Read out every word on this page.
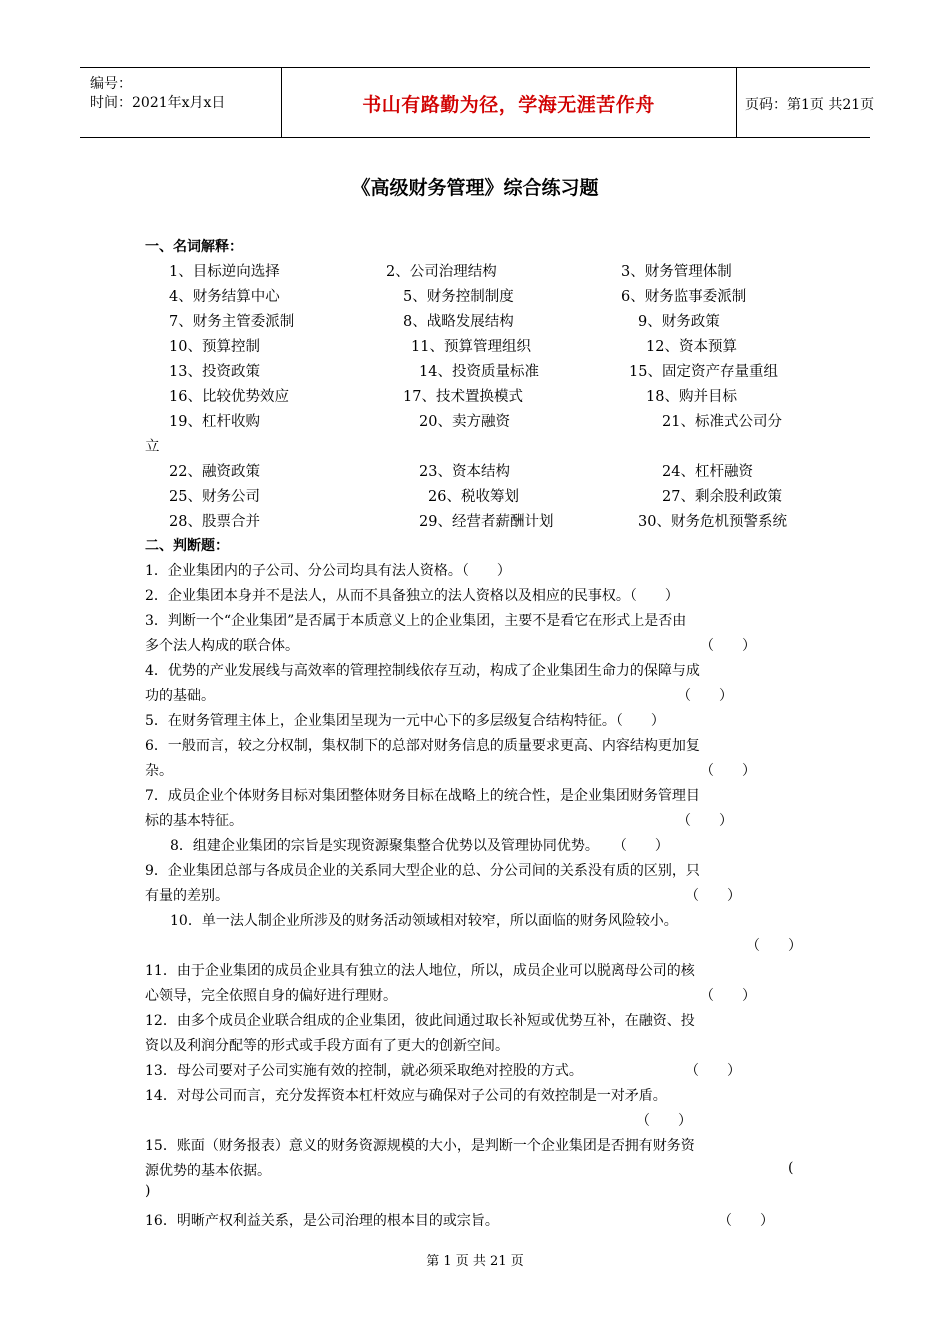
编号：
时间：2021年x月x日	书山有路勤为径，学海无涯苦作舟	页码：第1页 共21页
《高级财务管理》综合练习题
一、名词解释：
1、目标逆向选择	2、公司治理结构	3、财务管理体制
4、财务结算中心	5、财务控制制度	6、财务监事委派制
7、财务主管委派制	8、战略发展结构	9、财务政策
10、预算控制	11、预算管理组织	12、资本预算
13、投资政策	14、投资质量标准	15、固定资产存量重组
16、比较优势效应	17、技术置换模式	18、购并目标
19、杠杆收购	20、卖方融资	21、标准式公司分
立
22、融资政策	23、资本结构	24、杠杆融资
25、财务公司	26、税收筹划	27、剩余股利政策
28、股票合并	29、经营者薪酬计划	30、财务危机预警系统
二、判断题：
1．企业集团内的子公司、分公司均具有法人资格。（　　）
2．企业集团本身并不是法人，从而不具备独立的法人资格以及相应的民事权。（　　）
3．判断一个“企业集团”是否属于本质意义上的企业集团，主要不是看它在形式上是否由
多个法人构成的联合体。	（　　）
4．优势的产业发展线与高效率的管理控制线依存互动，构成了企业集团生命力的保障与成
功的基础。	（　　）
5．在财务管理主体上，企业集团呈现为一元中心下的多层级复合结构特征。（　　）
6．一般而言，较之分权制，集权制下的总部对财务信息的质量要求更高、内容结构更加复
杂。	（　　）
7．成员企业个体财务目标对集团整体财务目标在战略上的统合性，是企业集团财务管理目
标的基本特征。	（　　）
8．组建企业集团的宗旨是实现资源聚集整合优势以及管理协同优势。　　（　　）
9．企业集团总部与各成员企业的关系同大型企业的总、分公司间的关系没有质的区别，只
有量的差别。	（　　）
10．单一法人制企业所涉及的财务活动领域相对较窄，所以面临的财务风险较小。
（　　）
11．由于企业集团的成员企业具有独立的法人地位，所以，成员企业可以脱离母公司的核
心领导，完全依照自身的偏好进行理财。	（　　）
12．由多个成员企业联合组成的企业集团，彼此间通过取长补短或优势互补，在融资、投
资以及利润分配等的形式或手段方面有了更大的创新空间。
13．母公司要对子公司实施有效的控制，就必须采取绝对控股的方式。	（　　）
14．对母公司而言，充分发挥资本杠杆效应与确保对子公司的有效控制是一对矛盾。
（　　）
15．账面（财务报表）意义的财务资源规模的大小，是判断一个企业集团是否拥有财务资
源优势的基本依据。	(
)
16．明晰产权利益关系，是公司治理的根本目的或宗旨。	（　　）
第 1 页 共 21 页
